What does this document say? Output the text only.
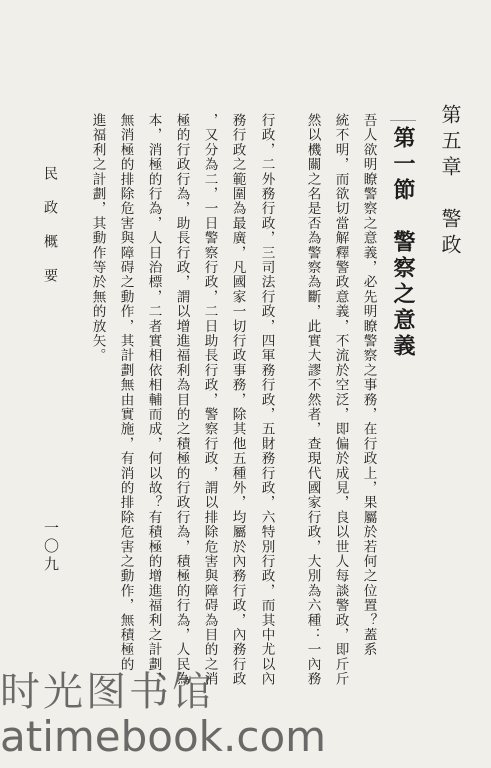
第五章　警政
第一節　警察之意義
吾人欲明瞭警察之意義，必先明瞭警察之事務，在行政上，果屬於若何之位置？蓋系
統不明，而欲切當解釋警政意義，不流於空泛，即偏於成見，良以世人每談警政，即斤斤
然以機關之名是否為警察為斷，此實大謬不然者，查現代國家行政，大別為六種：一內務
行政，二外務行政，三司法行政，四軍務行政，五財務行政，六特別行政，而其中尤以內
務行政之範圍為最廣，凡國家一切行政事務，除其他五種外，均屬於內務行政，內務行政
，又分為二，一日警察行政，二日助長行政，警察行政，謂以排除危害與障碍為目的之消
極的行政行為，助長行政，謂以增進福利為目的之積極的行政行為，積極的行為，人民為
本，消極的行為，人日治標，二者實相依相輔而成，何以故？有積極的增進福利之計劃，
無消極的排除危害與障碍之動作，其計劃無由實施，有消的排除危害之動作，無積極的
進福利之計劃，其動作等於無的放矢。
民政概要
一〇九
时光图书馆
atimebook.com
